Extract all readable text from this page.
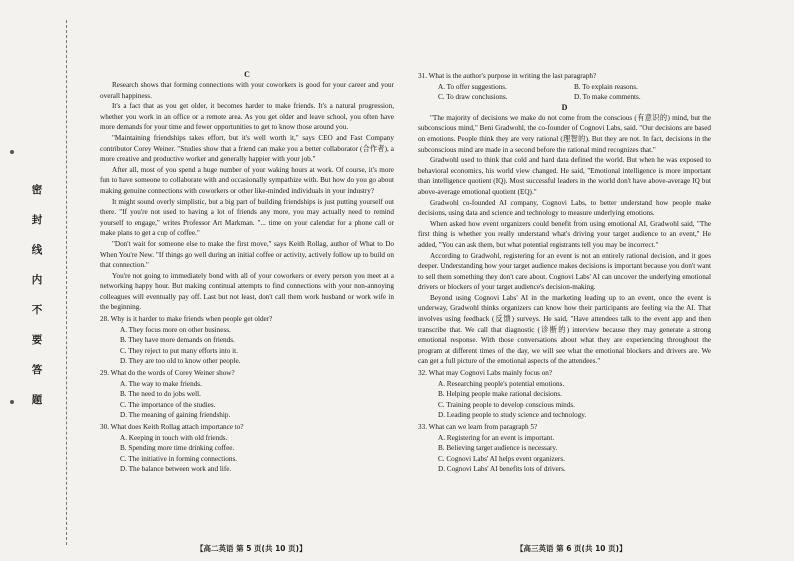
密
封
线
内
不
要
答
题
C

Research shows that forming connections with your coworkers is good for your career and your overall happiness.

It's a fact that as you get older, it becomes harder to make friends. It's a natural progression, whether you work in an office or a remote area. As you get older and leave school, you often have more demands for your time and fewer opportunities to get to know those around you.

"Maintaining friendships takes effort, but it's well worth it," says CEO and Fast Company contributor Corey Weiner. "Studies show that a friend can make you a better collaborator (合作者), a more creative and productive worker and generally happier with your job."

After all, most of you spend a huge number of your waking hours at work. Of course, it's more fun to have someone to collaborate with and occasionally sympathize with. But how do you go about making genuine connections with coworkers or other like-minded individuals in your industry?

It might sound overly simplistic, but a big part of building friendships is just putting yourself out there. "If you're not used to having a lot of friends any more, you may actually need to remind yourself to engage," writes Professor Art Markman. "... time on your calendar for a phone call or make plans to get a cup of coffee."

"Don't wait for someone else to make the first move," says Keith Rollag, author of What to Do When You're New. "If things go well during an initial coffee or activity, actively follow up to build on that connection."

You're not going to immediately bond with all of your coworkers or every person you meet at a networking happy hour. But making continual attempts to find connections with your non-annoying colleagues will eventually pay off. Last but not least, don't call them work husband or work wife in the beginning.

28. Why is it harder to make friends when people get older?

A. They focus more on other business.

B. They have more demands on friends.

C. They reject to put many efforts into it.

D. They are too old to know other people.

29. What do the words of Corey Weiner show?

A. The way to make friends.

B. The need to do jobs well.

C. The importance of the studies.

D. The meaning of gaining friendship.

30. What does Keith Rollag attach importance to?

A. Keeping in touch with old friends.

B. Spending more time drinking coffee.

C. The initiative in forming connections.

D. The balance between work and life.

【高二英语 第 5 页(共 10 页)】

31. What is the author's purpose in writing the last paragraph?

A. To offer suggestions.	B. To explain reasons.
C. To draw conclusions.	D. To make comments.
D

"The majority of decisions we make do not come from the conscious (有意识的) mind, but the subconscious mind," Beni Gradwohl, the co-founder of Cognovi Labs, said. "Our decisions are based on emotions. People think they are very rational (理智的). But they are not. In fact, decisions in the subconscious mind are made in a second before the rational mind recognizes that."

Gradwohl used to think that cold and hard data defined the world. But when he was exposed to behavioral economics, his world view changed. He said, "Emotional intelligence is more important than intelligence quotient (IQ). Most successful leaders in the world don't have above-average IQ but above-average emotional quotient (EQ)."

Gradwohl co-founded AI company, Cognovi Labs, to better understand how people make decisions, using data and science and technology to measure underlying emotions.

When asked how event organizers could benefit from using emotional AI, Gradwohl said, "The first thing is whether you really understand what's driving your target audience to an event," He added, "You can ask them, but what potential registrants tell you may be incorrect."

According to Gradwohl, registering for an event is not an entirely rational decision, and it goes deeper. Understanding how your target audience makes decisions is important because you don't want to sell them something they don't care about. Cognovi Labs' AI can uncover the underlying emotional drivers or blockers of your target audience's decision-making.

Beyond using Cognovi Labs' AI in the marketing leading up to an event, once the event is underway, Gradwohl thinks organizers can know how their participants are feeling via the AI. That involves using feedback (反馈) surveys. He said, "Have attendees talk to the event app and then transcribe that. We call that diagnostic (诊断的) interview because they may generate a strong emotional response. With those conversations about what they are experiencing throughout the program at different times of the day, we will see what the emotional blockers and drivers are. We can get a full picture of the emotional aspects of the attendees."

32. What may Cognovi Labs mainly focus on?

A. Researching people's potential emotions.

B. Helping people make rational decisions.

C. Training people to develop conscious minds.

D. Leading people to study science and technology.

33. What can we learn from paragraph 5?

A. Registering for an event is important.

B. Believing target audience is necessary.

C. Cognovi Labs' AI helps event organizers.

D. Cognovi Labs' AI benefits lots of drivers.

【高三英语 第 6 页(共 10 页)】
